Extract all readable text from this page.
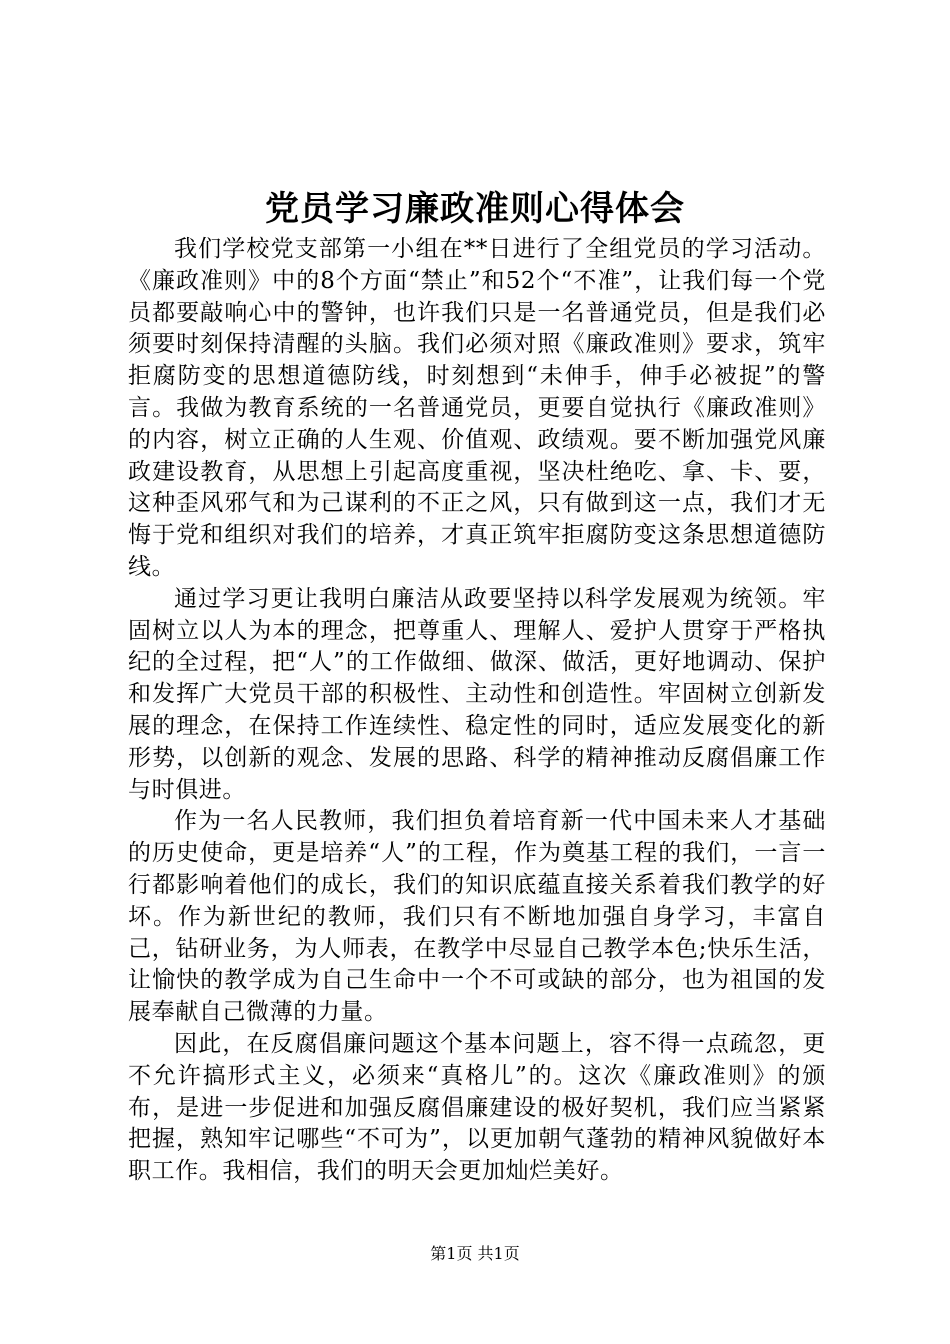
党员学习廉政准则心得体会

我们学校党支部第一小组在**日进行了全组党员的学习活动。《廉政准则》中的8个方面“禁止”和52个“不准”，让我们每一个党员都要敲响心中的警钟，也许我们只是一名普通党员，但是我们必须要时刻保持清醒的头脑。我们必须对照《廉政准则》要求，筑牢拒腐防变的思想道德防线，时刻想到“未伸手，伸手必被捉”的警言。我做为教育系统的一名普通党员，更要自觉执行《廉政准则》的内容，树立正确的人生观、价值观、政绩观。要不断加强党风廉政建设教育，从思想上引起高度重视，坚决杜绝吃、拿、卡、要，这种歪风邪气和为己谋利的不正之风，只有做到这一点，我们才无悔于党和组织对我们的培养，才真正筑牢拒腐防变这条思想道德防线。

通过学习更让我明白廉洁从政要坚持以科学发展观为统领。牢固树立以人为本的理念，把尊重人、理解人、爱护人贯穿于严格执纪的全过程，把“人”的工作做细、做深、做活，更好地调动、保护和发挥广大党员干部的积极性、主动性和创造性。牢固树立创新发展的理念，在保持工作连续性、稳定性的同时，适应发展变化的新形势，以创新的观念、发展的思路、科学的精神推动反腐倡廉工作与时俱进。

作为一名人民教师，我们担负着培育新一代中国未来人才基础的历史使命，更是培养“人”的工程，作为奠基工程的我们，一言一行都影响着他们的成长，我们的知识底蕴直接关系着我们教学的好坏。作为新世纪的教师，我们只有不断地加强自身学习，丰富自己，钻研业务，为人师表，在教学中尽显自己教学本色;快乐生活，让愉快的教学成为自己生命中一个不可或缺的部分，也为祖国的发展奉献自己微薄的力量。

因此，在反腐倡廉问题这个基本问题上，容不得一点疏忽，更不允许搞形式主义，必须来“真格儿”的。这次《廉政准则》的颁布，是进一步促进和加强反腐倡廉建设的极好契机，我们应当紧紧把握，熟知牢记哪些“不可为”，以更加朝气蓬勃的精神风貌做好本职工作。我相信，我们的明天会更加灿烂美好。

第1页 共1页
